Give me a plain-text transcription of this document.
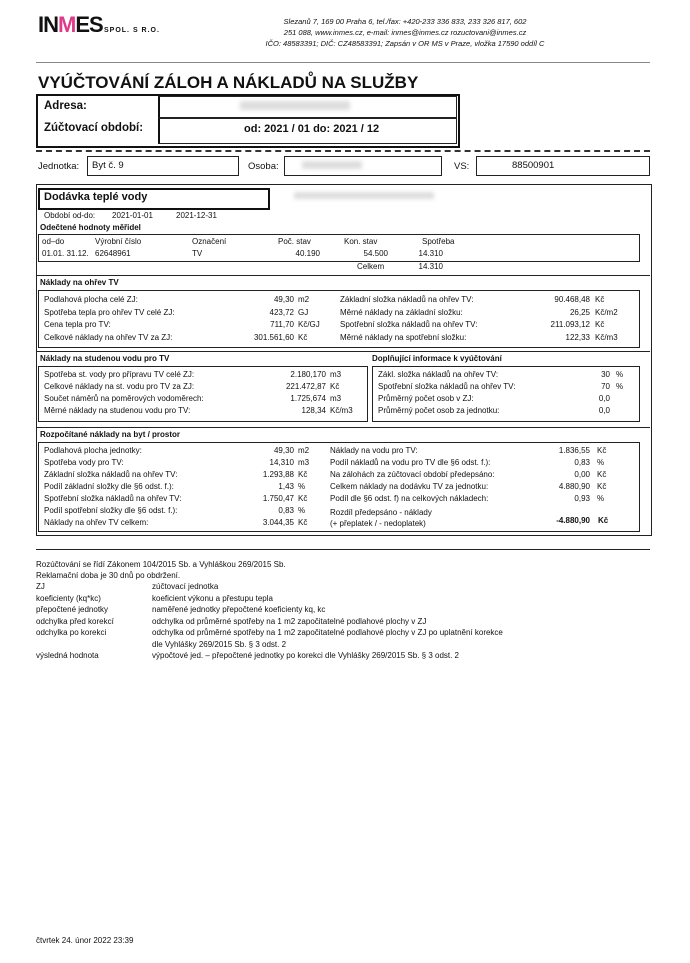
INMES SPOL. S R.O.
Slezanů 7, 169 00 Praha 6, tel./fax: +420-233 336 833, 233 326 817, 602
251 088, www.inmes.cz, e-mail: inmes@inmes.cz rozuctovani@inmes.cz
IČO: 48583391; DIČ: CZ48583391; Zapsán v OR MS v Praze, vložka 17590 oddíl C
VYÚČTOVÁNÍ ZÁLOH A NÁKLADŮ NA SLUŽBY
Adresa:
Zúčtovací období:	od: 2021 / 01 do: 2021 / 12
Jednotka: Byt č. 9	Osoba:	VS:	88500901
Dodávka teplé vody
Období od-do: 2021-01-01	2021-12-31
Odečtené hodnoty měřidel
od–do	Výrobní číslo	Označení	Poč. stav	Kon. stav	Spotřeba
01.01. 31.12. 62648961	TV	40.190	54.500	14.310
Celkem	14.310
Náklady na ohřev TV
Podlahová plocha celé ZJ:	49,30 m2
Spotřeba tepla pro ohřev TV celé ZJ:	423,72 GJ
Cena tepla pro TV:	711,70 Kč/GJ
Celkové náklady na ohřev TV za ZJ:	301.561,60 Kč
Základní složka nákladů na ohřev TV:	90.468,48 Kč
Měrné náklady na základní složku:	26,25 Kč/m2
Spotřební složka nákladů na ohřev TV:	211.093,12 Kč
Měrné náklady na spotřební složku:	122,33 Kč/m3
Náklady na studenou vodu pro TV	Doplňující informace k vyúčtování
Spotřeba st. vody pro přípravu TV celé ZJ:	2.180,170 m3
Celkové náklady na st. vodu pro TV za ZJ:	221.472,87 Kč
Součet náměrů na poměrových vodoměrech:	1.725,674 m3
Měrné náklady na studenou vodu pro TV:	128,34 Kč/m3
Zákl. složka nákladů na ohřev TV:	30 %
Spotřební složka nákladů na ohřev TV:	70 %
Průměrný počet osob v ZJ:	0,0
Průměrný počet osob za jednotku:	0,0
Rozpočítané náklady na byt / prostor
Podlahová plocha jednotky:	49,30 m2
Spotřeba vody pro TV:	14,310 m3
Základní složka nákladů na ohřev TV:	1.293,88 Kč
Podíl základní složky dle §6 odst. f.):	1,43 %
Spotřební složka nákladů na ohřev TV:	1.750,47 Kč
Podíl spotřební složky dle §6 odst. f.):	0,83 %
Náklady na ohřev TV celkem:	3.044,35 Kč
Náklady na vodu pro TV:	1.836,55 Kč
Podíl nákladů na vodu pro TV dle §6 odst. f.):	0,83 %
Na zálohách za zúčtovací období předepsáno:	0,00 Kč
Celkem náklady na dodávku TV za jednotku:	4.880,90 Kč
Podíl dle §6 odst. f) na celkových nákladech:	0,93 %
Rozdíl předepsáno - náklady
(+ přeplatek / - nedoplatek)	-4.880,90 Kč
Rozúčtování se řídí Zákonem 104/2015 Sb. a Vyhláškou 269/2015 Sb.
Reklamační doba je 30 dnů po obdržení.
ZJ	zúčtovací jednotka
koeficienty (kq*kc)	koeficient výkonu a přestupu tepla
přepočtené jednotky	naměřené jednotky přepočtené koeficienty kq, kc
odchylka před korekcí	odchylka od průměrné spotřeby na 1 m2 započitatelné podlahové plochy v ZJ
odchylka po korekci	odchylka od průměrné spotřeby na 1 m2 započitatelné podlahové plochy v ZJ po uplatnění korekce
dle Vyhlášky 269/2015 Sb. § 3 odst. 2
výsledná hodnota	výpočtové jed. – přepočtené jednotky po korekci dle Vyhlášky 269/2015 Sb. § 3 odst. 2
čtvrtek 24. únor 2022 23:39
